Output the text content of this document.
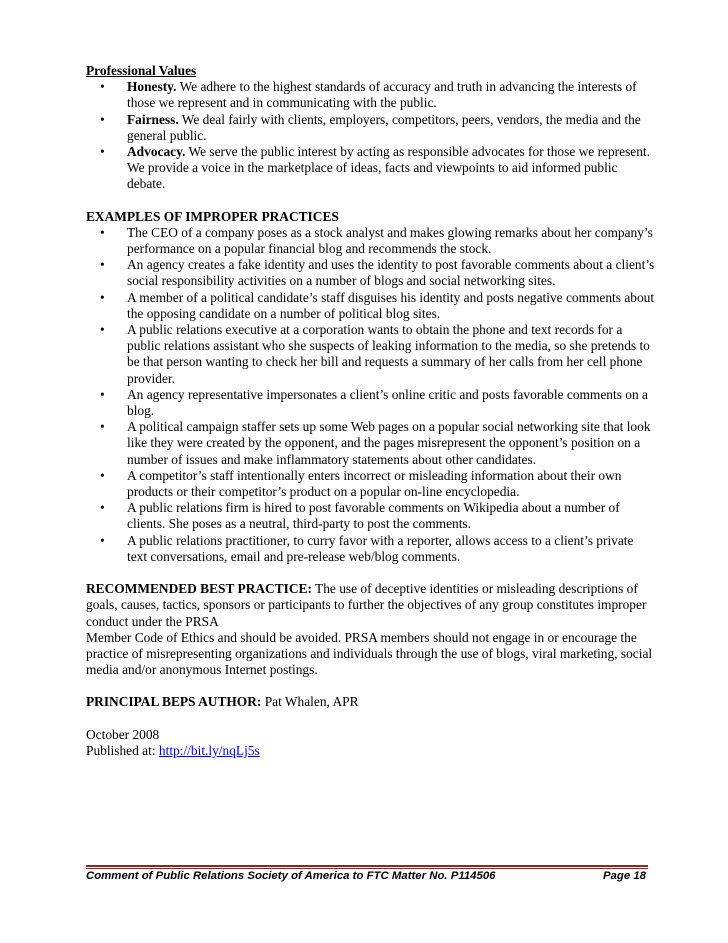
Professional Values
• Honesty. We adhere to the highest standards of accuracy and truth in advancing the interests of those we represent and in communicating with the public.
• Fairness. We deal fairly with clients, employers, competitors, peers, vendors, the media and the general public.
• Advocacy. We serve the public interest by acting as responsible advocates for those we represent. We provide a voice in the marketplace of ideas, facts and viewpoints to aid informed public debate.
EXAMPLES OF IMPROPER PRACTICES
• The CEO of a company poses as a stock analyst and makes glowing remarks about her company’s performance on a popular financial blog and recommends the stock.
• An agency creates a fake identity and uses the identity to post favorable comments about a client’s social responsibility activities on a number of blogs and social networking sites.
• A member of a political candidate’s staff disguises his identity and posts negative comments about the opposing candidate on a number of political blog sites.
• A public relations executive at a corporation wants to obtain the phone and text records for a public relations assistant who she suspects of leaking information to the media, so she pretends to be that person wanting to check her bill and requests a summary of her calls from her cell phone provider.
• An agency representative impersonates a client’s online critic and posts favorable comments on a blog.
• A political campaign staffer sets up some Web pages on a popular social networking site that look like they were created by the opponent, and the pages misrepresent the opponent’s position on a number of issues and make inflammatory statements about other candidates.
• A competitor’s staff intentionally enters incorrect or misleading information about their own products or their competitor’s product on a popular on-line encyclopedia.
• A public relations firm is hired to post favorable comments on Wikipedia about a number of clients. She poses as a neutral, third-party to post the comments.
• A public relations practitioner, to curry favor with a reporter, allows access to a client’s private text conversations, email and pre-release web/blog comments.
RECOMMENDED BEST PRACTICE: The use of deceptive identities or misleading descriptions of goals, causes, tactics, sponsors or participants to further the objectives of any group constitutes improper conduct under the PRSA
Member Code of Ethics and should be avoided. PRSA members should not engage in or encourage the practice of misrepresenting organizations and individuals through the use of blogs, viral marketing, social media and/or anonymous Internet postings.
PRINCIPAL BEPS AUTHOR: Pat Whalen, APR
October 2008
Published at: http://bit.ly/nqLj5s
Comment of Public Relations Society of America to FTC Matter No. P114506	Page 18
